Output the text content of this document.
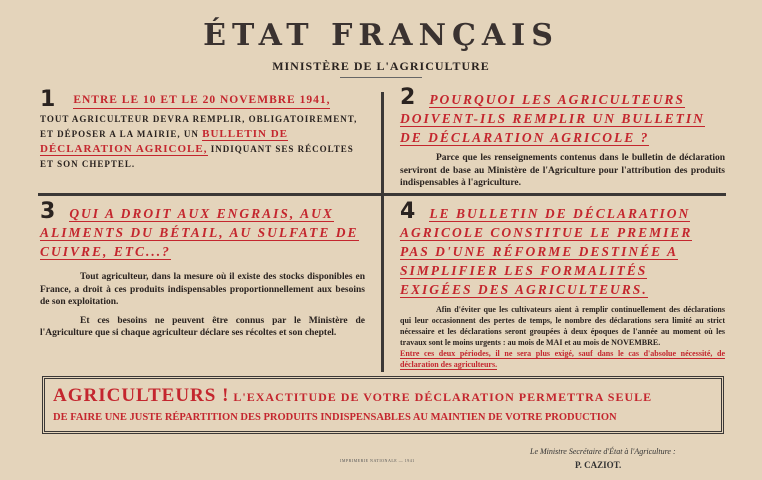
ÉTAT FRANÇAIS
MINISTÈRE DE L'AGRICULTURE
1 ENTRE LE 10 ET LE 20 NOVEMBRE 1941,
TOUT AGRICULTEUR DEVRA REMPLIR, OBLIGATOIREMENT, ET DÉPOSER A LA MAIRIE, UN BULLETIN DE DÉCLARATION AGRICOLE, INDIQUANT SES RÉCOLTES ET SON CHEPTEL.
2 POURQUOI LES AGRICULTEURS DOIVENT-ILS REMPLIR UN BULLETIN DE DÉCLARATION AGRICOLE ?
Parce que les renseignements contenus dans le bulletin de déclaration serviront de base au Ministère de l'Agriculture pour l'attribution des produits indispensables à l'agriculture.
3 QUI A DROIT AUX ENGRAIS, AUX ALIMENTS DU BÉTAIL, AU SULFATE DE CUIVRE, ETC...?
Tout agriculteur, dans la mesure où il existe des stocks disponibles en France, a droit à ces produits indispensables proportionnellement aux besoins de son exploitation.
Et ces besoins ne peuvent être connus par le Ministère de l'Agriculture que si chaque agriculteur déclare ses récoltes et son cheptel.
4 LE BULLETIN DE DÉCLARATION AGRICOLE CONSTITUE LE PREMIER PAS D'UNE RÉFORME DESTINÉE A SIMPLIFIER LES FORMALITÉS EXIGÉES DES AGRICULTEURS.
Afin d'éviter que les cultivateurs aient à remplir continuellement des déclarations qui leur occasionnent des pertes de temps, le nombre des déclarations sera limité au strict nécessaire et les déclarations seront groupées à deux époques de l'année au moment où les travaux sont le moins urgents : au mois de MAI et au mois de NOVEMBRE.
Entre ces deux périodes, il ne sera plus exigé, sauf dans le cas d'absolue nécessité, de déclaration des agriculteurs.
AGRICULTEURS ! L'EXACTITUDE DE VOTRE DÉCLARATION PERMETTRA SEULE
DE FAIRE UNE JUSTE RÉPARTITION DES PRODUITS INDISPENSABLES AU MAINTIEN DE VOTRE PRODUCTION
IMPRIMERIE NATIONALE — 1941
Le Ministre Secrétaire d'État à l'Agriculture :
P. CAZIOT.
